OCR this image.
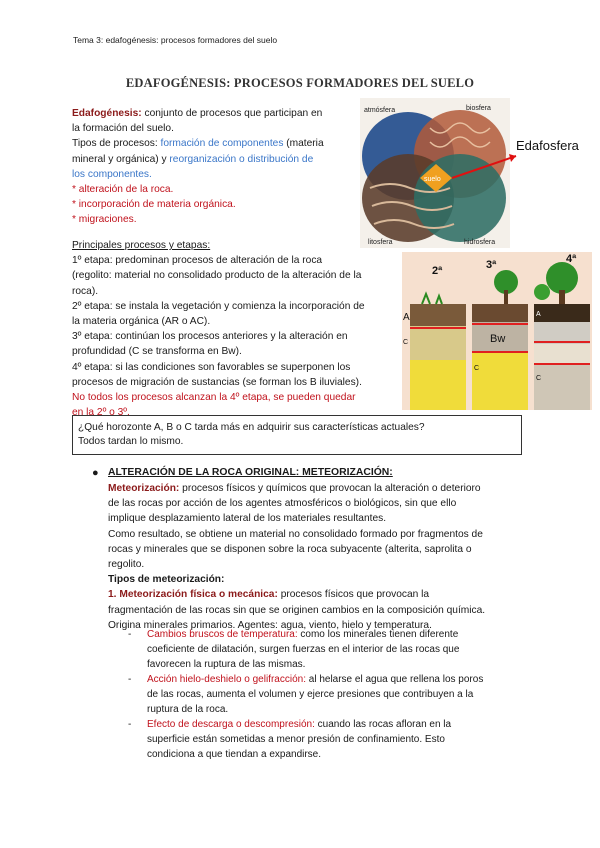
Tema 3: edafogénesis: procesos formadores del suelo
EDAFOGÉNESIS: PROCESOS FORMADORES DEL SUELO
Edafogénesis: conjunto de procesos que participan en
la formación del suelo.
Tipos de procesos: formación de componentes (materia
mineral y orgánica) y reorganización o distribución de
los componentes.
* alteración de la roca.
* incorporación de materia orgánica.
* migraciones.
atmósfera	biosfera
litosfera	hidrosfera
suelo
Edafosfera
Principales procesos y etapas:
1º etapa: predominan procesos de alteración de la roca
(regolito: material no consolidado producto de la alteración de la
roca).
2º etapa: se instala la vegetación y comienza la incorporación de
la materia orgánica (AR o AC).
3º etapa: continúan los procesos anteriores y la alteración en
profundidad (C se transforma en Bw).
4º etapa: si las condiciones son favorables se superponen los
procesos de migración de sustancias (se forman los B iluviales).
No todos los procesos alcanzan la 4º etapa, se pueden quedar
en la 2º o 3º.
2ª	3ª	4ª
A
C	Bw
C
C
A
¿Qué horozonte A, B o C tarda más en adquirir sus características actuales?
Todos tardan lo mismo.
● ALTERACIÓN DE LA ROCA ORIGINAL: METEORIZACIÓN:
Meteorización: procesos físicos y químicos que provocan la alteración o deterioro
de las rocas por acción de los agentes atmosféricos o biológicos, sin que ello
implique desplazamiento lateral de los materiales resultantes.
Como resultado, se obtiene un material no consolidado formado por fragmentos de
rocas y minerales que se disponen sobre la roca subyacente (alterita, saprolita o
regolito.
Tipos de meteorización:
1. Meteorización física o mecánica: procesos físicos que provocan la
fragmentación de las rocas sin que se originen cambios en la composición química.
Origina minerales primarios. Agentes: agua, viento, hielo y temperatura.
- Cambios bruscos de temperatura: como los minerales tienen diferente
coeficiente de dilatación, surgen fuerzas en el interior de las rocas que
favorecen la ruptura de las mismas.
- Acción hielo-deshielo o gelifracción: al helarse el agua que rellena los poros
de las rocas, aumenta el volumen y ejerce presiones que contribuyen a la
ruptura de la roca.
- Efecto de descarga o descompresión: cuando las rocas afloran en la
superficie están sometidas a menor presión de confinamiento. Esto
condiciona a que tiendan a expandirse.
